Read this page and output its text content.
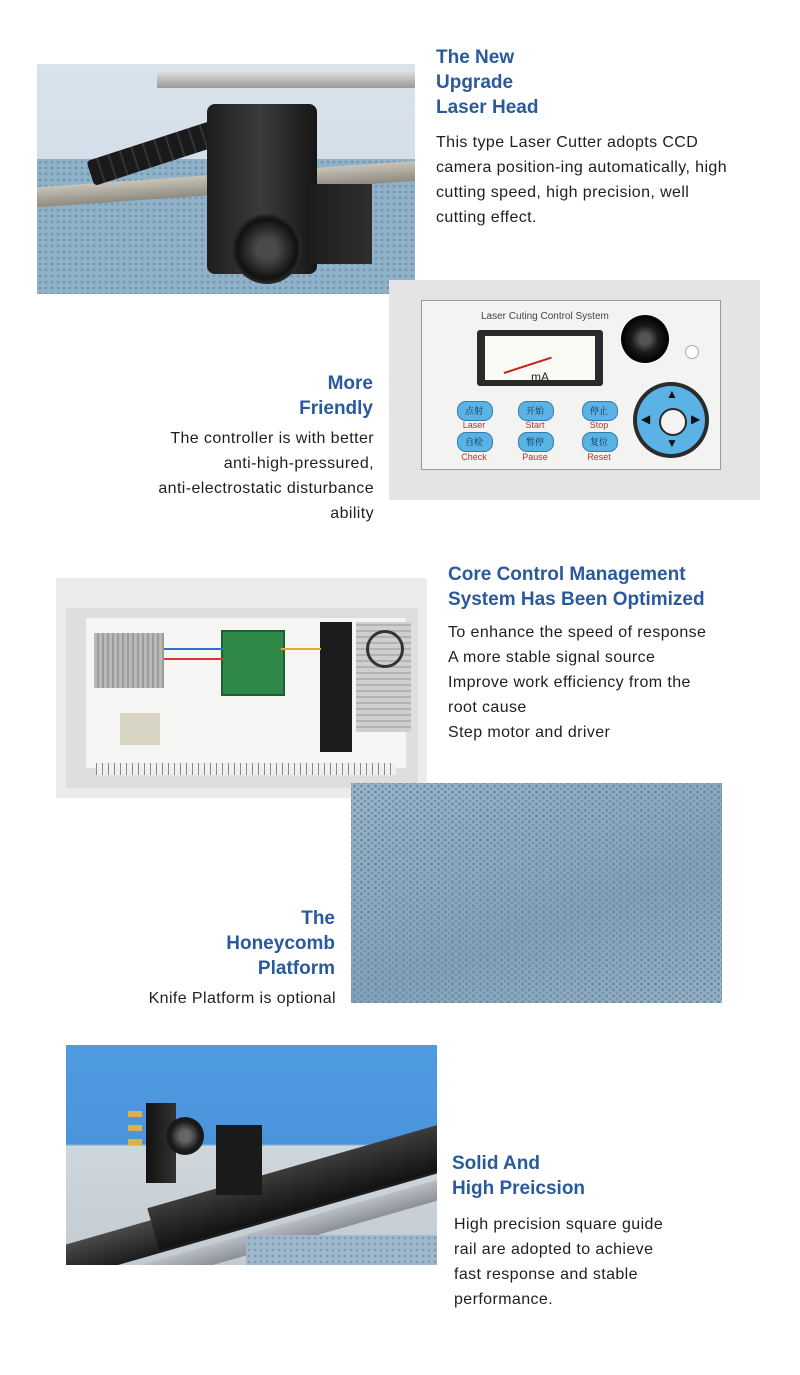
The New
Upgrade
Laser Head
This type Laser Cutter adopts CCD
camera position-ing automatically, high
cutting speed, high precision, well
cutting effect.
Laser Cuting Control System
mA
点射
Laser
开始
Start
停止
Stop
自检
Check
暂停
Pause
复位
Reset
▲
▼
◀	▶
More
Friendly
The controller is with better
anti-high-pressured,
anti-electrostatic disturbance
ability
Core Control Management
System Has Been Optimized
To enhance the speed of response
A more stable signal source
Improve work efficiency from the
root cause
Step motor and driver
The
Honeycomb
Platform
Knife Platform is optional
Solid And
High Preicsion
High precision square guide
rail are adopted to achieve
fast response and stable
performance.
